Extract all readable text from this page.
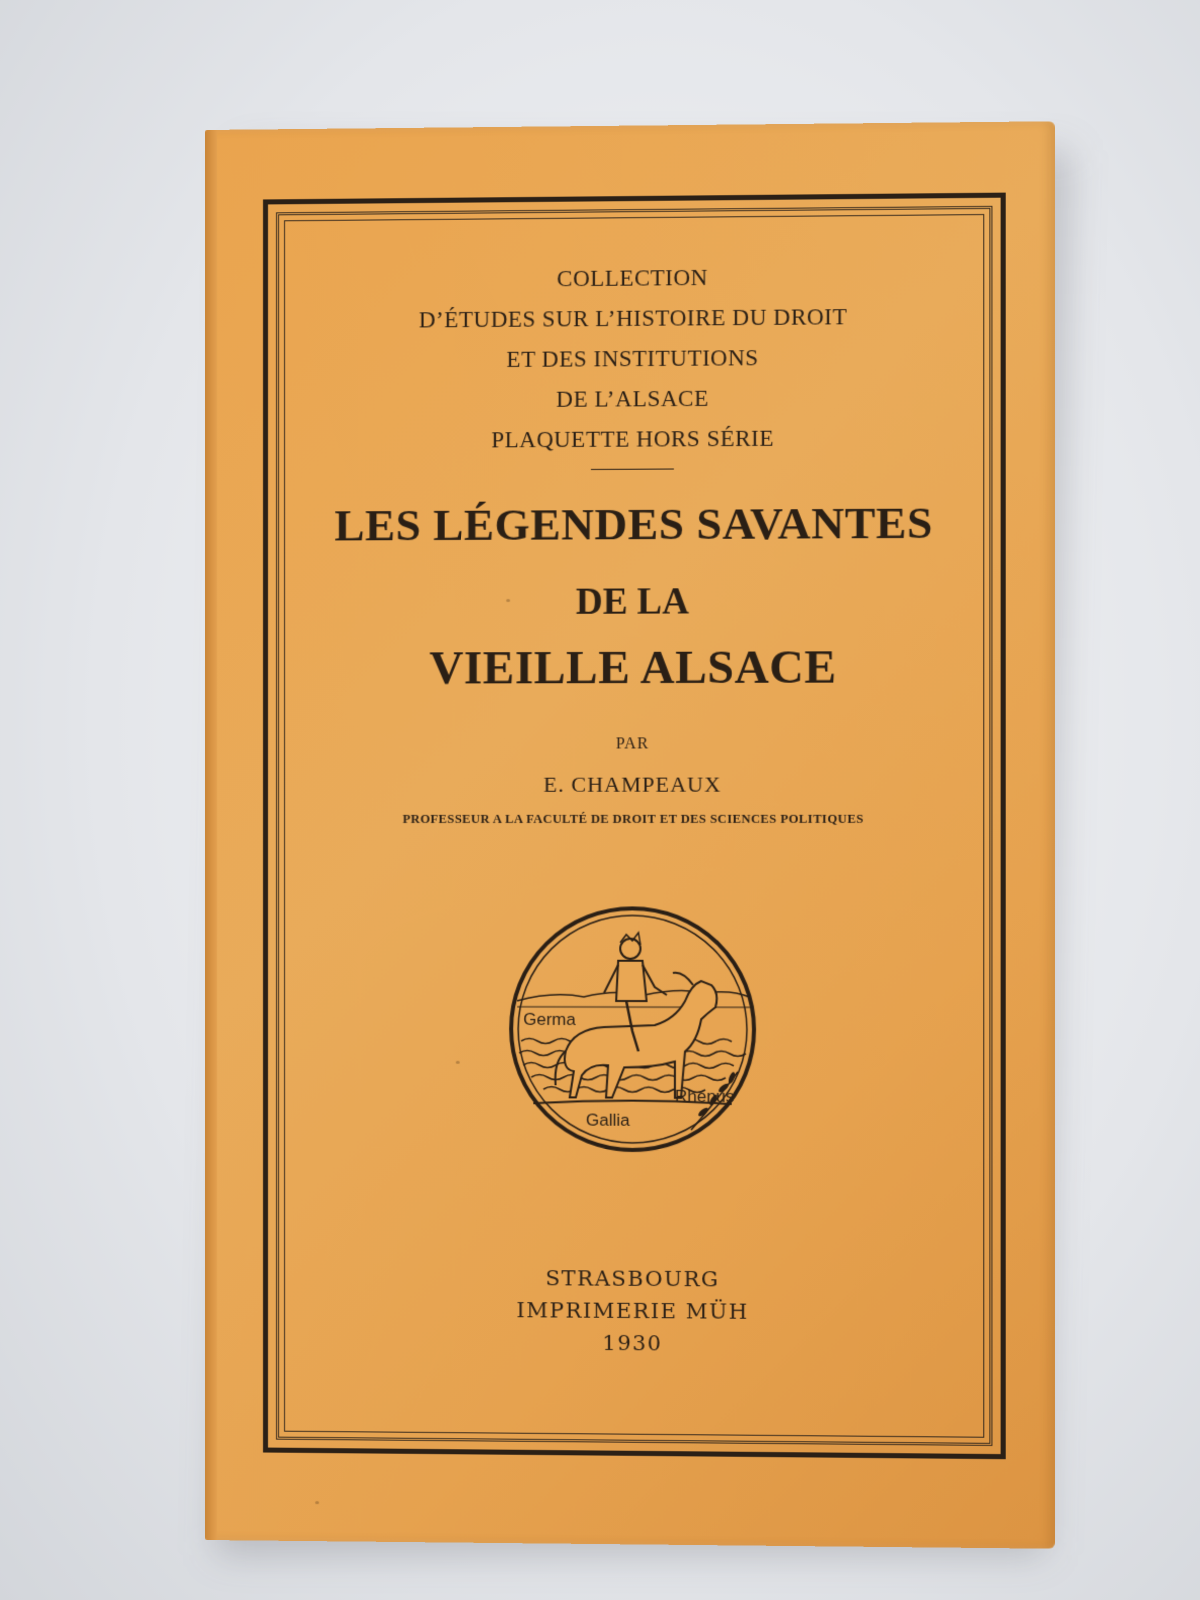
COLLECTION
D’ÉTUDES SUR L’HISTOIRE DU DROIT
ET DES INSTITUTIONS
DE L’ALSACE
PLAQUETTE HORS SÉRIE
LES LÉGENDES SAVANTES
DE LA
VIEILLE ALSACE
PAR
E. CHAMPEAUX
PROFESSEUR A LA FACULTÉ DE DROIT ET DES SCIENCES POLITIQUES
Germa
Rhenus
Gallia
STRASBOURG
IMPRIMERIE MÜH
1930
